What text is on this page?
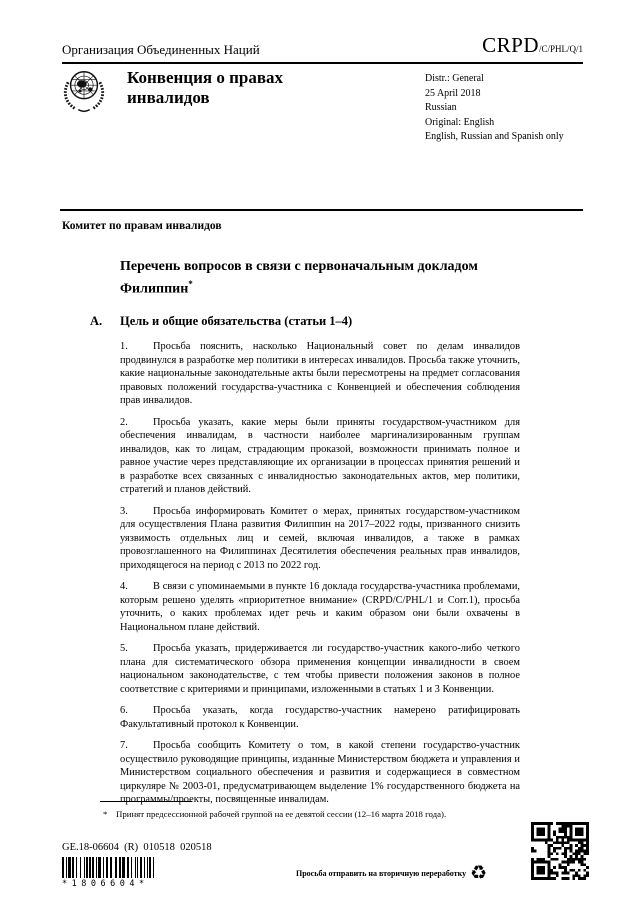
Организация Объединенных Наций	CRPD/C/PHL/Q/1
Конвенция о правах
инвалидов
Distr.: General
25 April 2018
Russian
Original: English
English, Russian and Spanish only
Комитет по правам инвалидов
Перечень вопросов в связи с первоначальным докладом Филиппин*
A.	Цель и общие обязательства (статьи 1–4)

1. Просьба пояснить, насколько Национальный совет по делам инвалидов продвинулся в разработке мер политики в интересах инвалидов. Просьба также уточнить, какие национальные законодательные акты были пересмотрены на предмет согласования правовых положений государства-участника с Конвенцией и обеспечения соблюдения прав инвалидов.

2. Просьба указать, какие меры были приняты государством-участником для обеспечения инвалидам, в частности наиболее маргинализированным группам инвалидов, как то лицам, страдающим проказой, возможности принимать полное и равное участие через представляющие их организации в процессах принятия решений и в разработке всех связанных с инвалидностью законодательных актов, мер политики, стратегий и планов действий.

3. Просьба информировать Комитет о мерах, принятых государством-участником для осуществления Плана развития Филиппин на 2017–2022 годы, призванного снизить уязвимость отдельных лиц и семей, включая инвалидов, а также в рамках провозглашенного на Филиппинах Десятилетия обеспечения реальных прав инвалидов, приходящегося на период с 2013 по 2022 год.

4. В связи с упоминаемыми в пункте 16 доклада государства-участника проблемами, которым решено уделять «приоритетное внимание» (CRPD/C/PHL/1 и Corr.1), просьба уточнить, о каких проблемах идет речь и каким образом они были охвачены в Национальном плане действий.

5. Просьба указать, придерживается ли государство-участник какого-либо четкого плана для систематического обзора применения концепции инвалидности в своем национальном законодательстве, с тем чтобы привести положения законов в полное соответствие с критериями и принципами, изложенными в статьях 1 и 3 Конвенции.

6. Просьба указать, когда государство-участник намерено ратифицировать Факультативный протокол к Конвенции.

7. Просьба сообщить Комитету о том, в какой степени государство-участник осуществило руководящие принципы, изданные Министерством бюджета и управления и Министерством социального обеспечения и развития и содержащиеся в совместном циркуляре № 2003-01, предусматривающем выделение 1% государственного бюджета на программы/проекты, посвященные инвалидам.

* Принят предсессионной рабочей группой на ее девятой сессии (12–16 марта 2018 года).
GE.18-06604  (R)  010518  020518
*1806604*
Просьба отправить на вторичную переработку ♻︎
